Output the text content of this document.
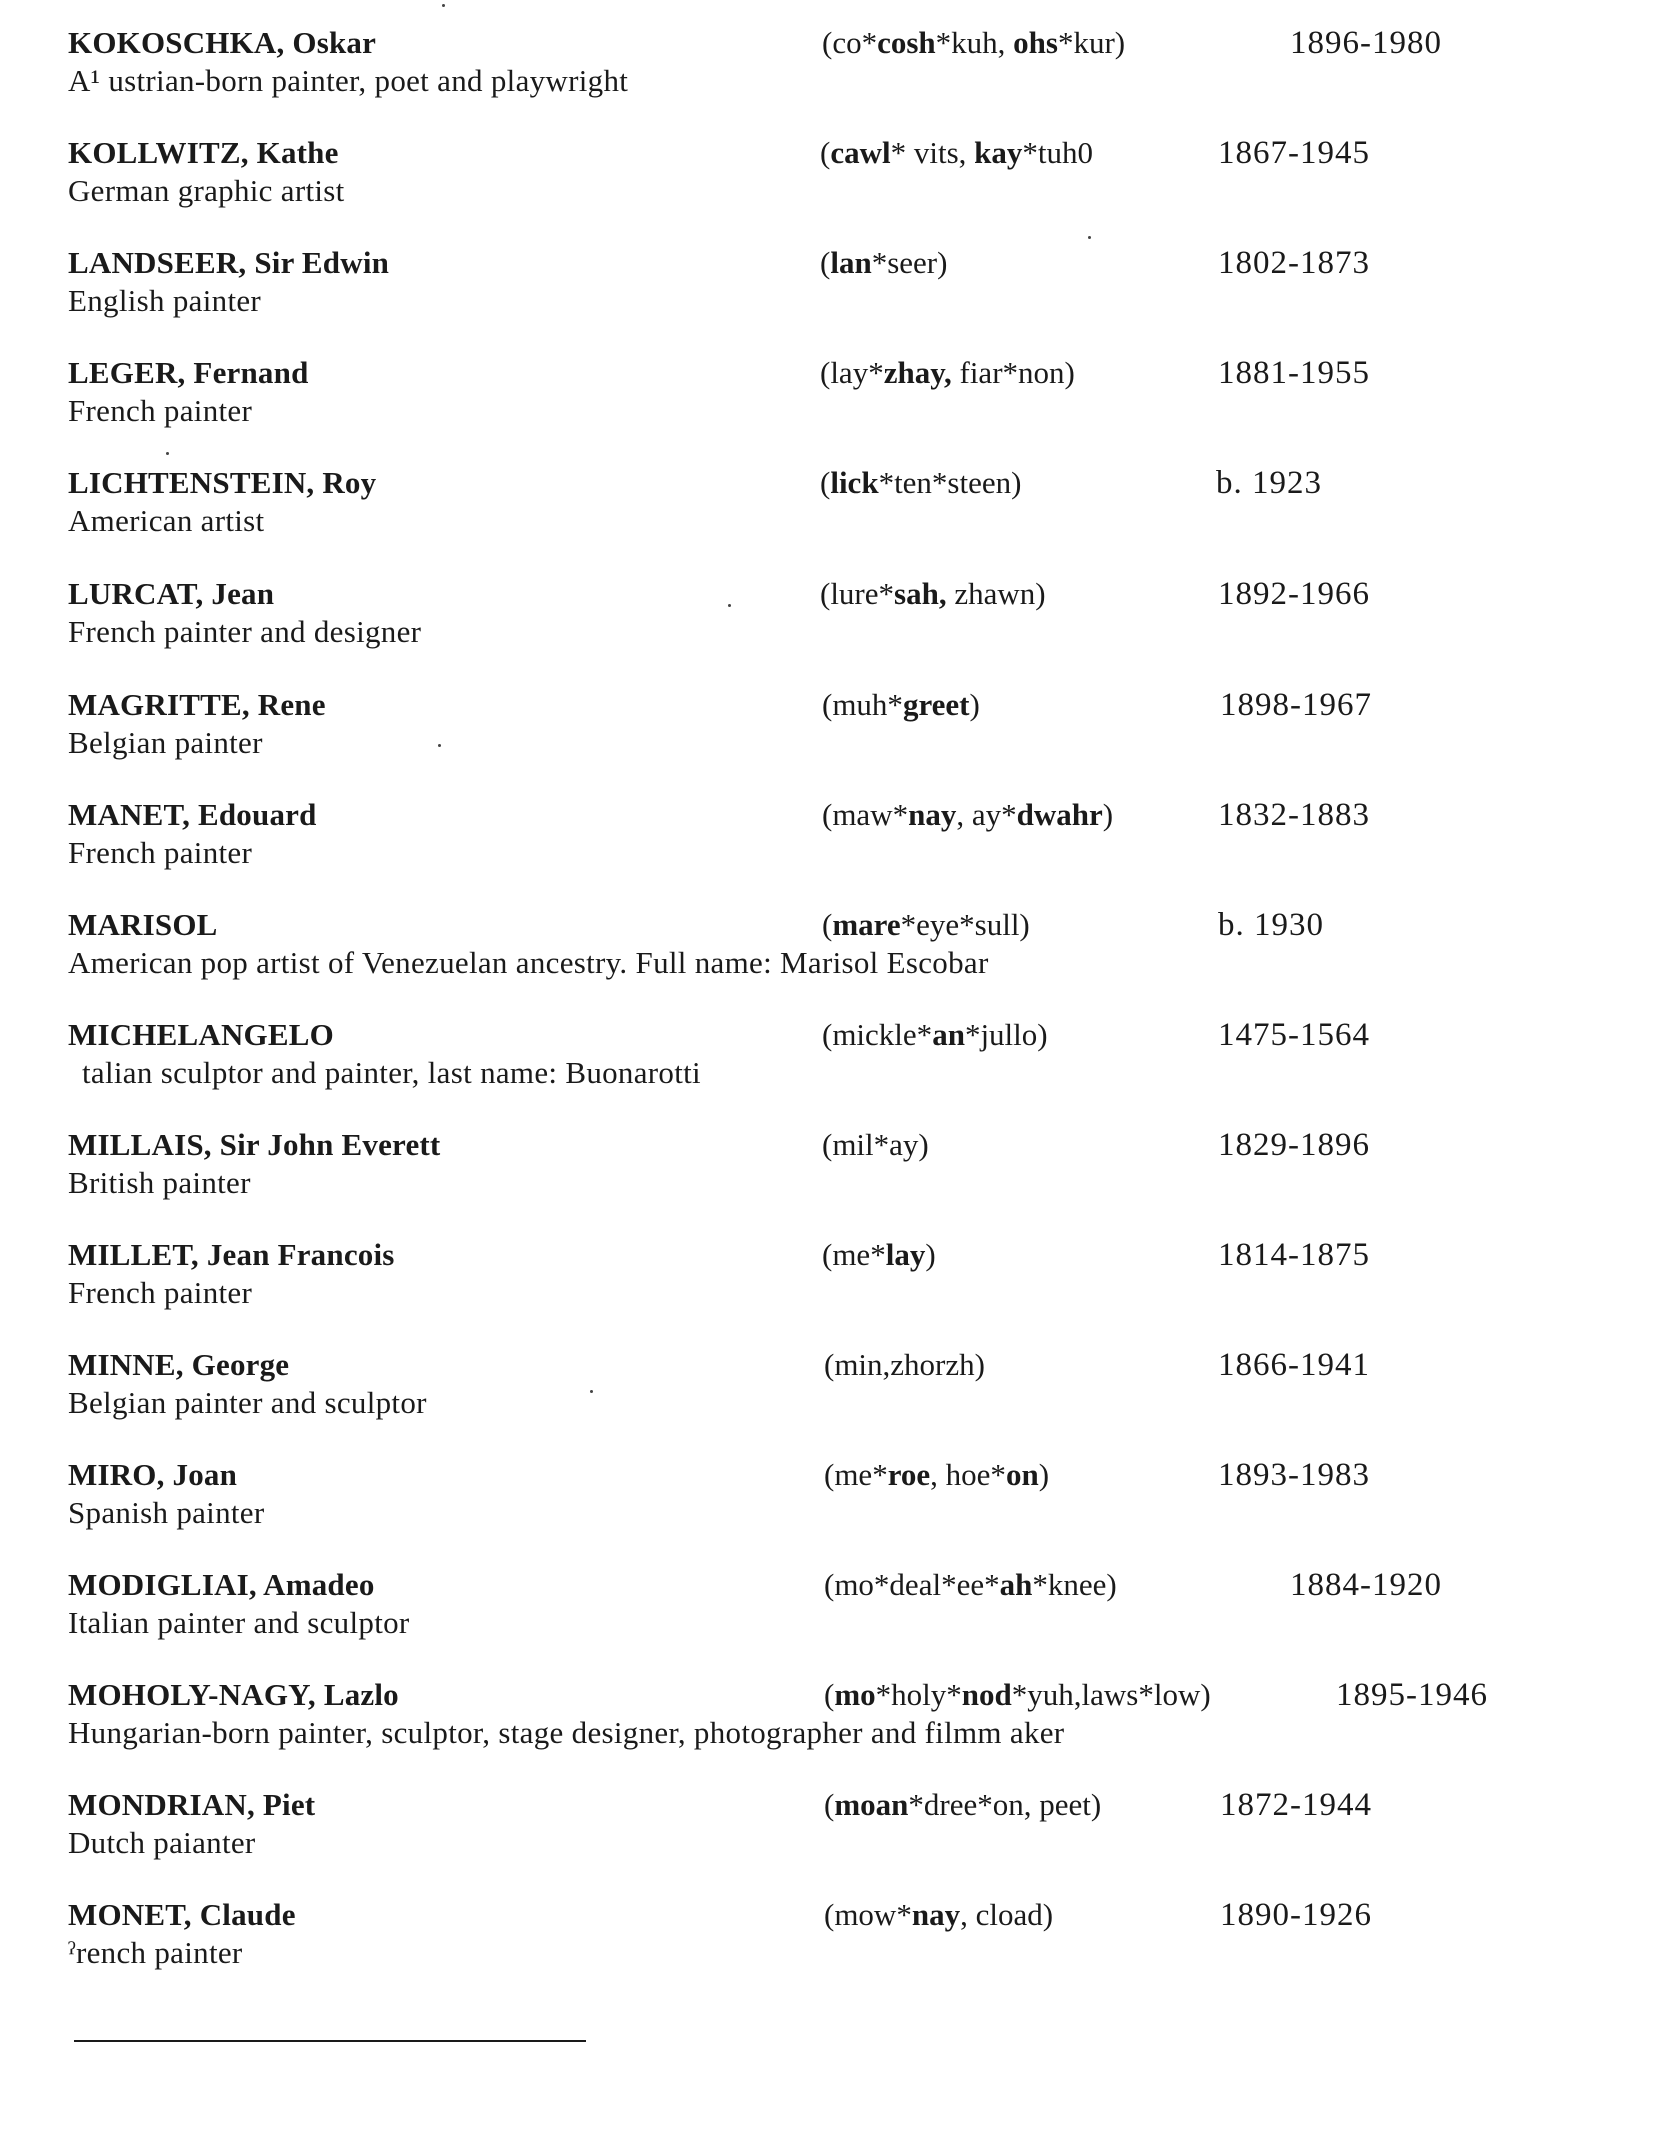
KOKOSCHKA, Oskar	(co*cosh*kuh, ohs*kur)	1896-1980
A¹ ustrian-born painter, poet and playwright
KOLLWITZ, Kathe	(cawl* vits, kay*tuh0	1867-1945
German graphic artist
LANDSEER, Sir Edwin	(lan*seer)	1802-1873
English painter
LEGER, Fernand	(lay*zhay, fiar*non)	1881-1955
French painter
LICHTENSTEIN, Roy	(lick*ten*steen)	b. 1923
American artist
LURCAT, Jean	(lure*sah, zhawn)	1892-1966
French painter and designer
MAGRITTE, Rene	(muh*greet)	1898-1967
Belgian painter
MANET, Edouard	(maw*nay, ay*dwahr)	1832-1883
French painter
MARISOL	(mare*eye*sull)	b. 1930
American pop artist of Venezuelan ancestry. Full name: Marisol Escobar
MICHELANGELO	(mickle*an*jullo)	1475-1564
talian sculptor and painter, last name: Buonarotti
MILLAIS, Sir John Everett	(mil*ay)	1829-1896
British painter
MILLET, Jean Francois	(me*lay)	1814-1875
French painter
MINNE, George	(min,zhorzh)	1866-1941
Belgian painter and sculptor
MIRO, Joan	(me*roe, hoe*on)	1893-1983
Spanish painter
MODIGLIAI, Amadeo	(mo*deal*ee*ah*knee)	1884-1920
Italian painter and sculptor
MOHOLY-NAGY, Lazlo	(mo*holy*nod*yuh,laws*low)	1895-1946
Hungarian-born painter, sculptor, stage designer, photographer and filmm aker
MONDRIAN, Piet	(moan*dree*on, peet)	1872-1944
Dutch paianter
MONET, Claude	(mow*nay, cload)	1890-1926
ˀrench painter
